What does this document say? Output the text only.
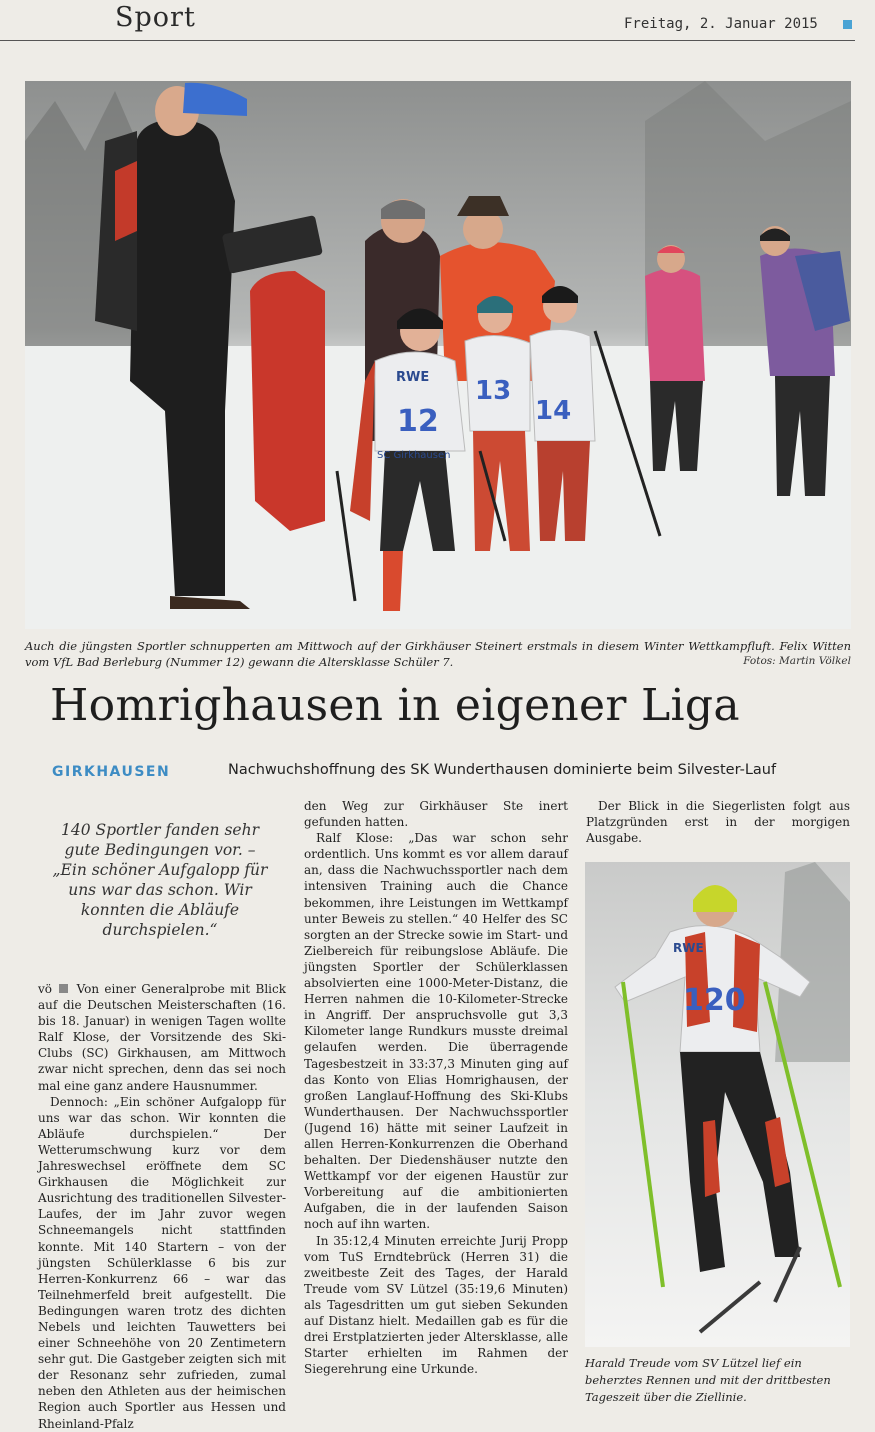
Sport	Freitag, 2. Januar 2015
12
RWE
SC Girkhausen
13
14
Auch die jüngsten Sportler schnupperten am Mittwoch auf der Girkhäuser Steinert erstmals in diesem Winter Wettkampfluft. Felix Witten vom VfL Bad Berleburg (Nummer 12) gewann die Altersklasse Schüler 7.	Fotos: Martin Völkel
Homrighausen in eigener Liga
GIRKHAUSEN	Nachwuchshoffnung des SK Wunderthausen dominierte beim Silvester-Lauf
140 Sportler fanden sehr gute Bedingungen vor. – „Ein schöner Aufgalopp für uns war das schon. Wir konnten die Abläufe durchspielen.“

vö Von einer Generalprobe mit Blick auf die Deutschen Meisterschaften (16. bis 18. Januar) in wenigen Tagen wollte Ralf Klose, der Vorsitzende des Ski-Clubs (SC) Girkhausen, am Mittwoch zwar nicht sprechen, denn das sei noch mal eine ganz andere Hausnummer.

Dennoch: „Ein schöner Aufgalopp für uns war das schon. Wir konnten die Abläufe durchspielen.“ Der Wetterumschwung kurz vor dem Jahreswechsel eröffnete dem SC Girkhausen die Möglichkeit zur Ausrichtung des traditionellen Silvester-Laufes, der im Jahr zuvor wegen Schneemangels nicht stattfinden konnte. Mit 140 Startern – von der jüngsten Schülerklasse 6 bis zur Herren-Konkurrenz 66 – war das Teilnehmerfeld breit aufgestellt. Die Bedingungen waren trotz des dichten Nebels und leichten Tauwetters bei einer Schneehöhe von 20 Zentimetern sehr gut. Die Gastgeber zeigten sich mit der Resonanz sehr zufrieden, zumal neben den Athleten aus der heimischen Region auch Sportler aus Hessen und Rheinland-Pfalz

den Weg zur Girkhäuser Ste inert gefunden hatten.

Ralf Klose: „Das war schon sehr ordentlich. Uns kommt es vor allem darauf an, dass die Nachwuchssportler nach dem intensiven Training auch die Chance bekommen, ihre Leistungen im Wettkampf unter Beweis zu stellen.“ 40 Helfer des SC sorgten an der Strecke sowie im Start- und Zielbereich für reibungslose Abläufe. Die jüngsten Sportler der Schülerklassen absolvierten eine 1000-Meter-Distanz, die Herren nahmen die 10-Kilometer-Strecke in Angriff. Der anspruchsvolle gut 3,3 Kilometer lange Rundkurs musste dreimal gelaufen werden. Die überragende Tagesbestzeit in 33:37,3 Minuten ging auf das Konto von Elias Homrighausen, der großen Langlauf-Hoffnung des Ski-Klubs Wunderthausen. Der Nachwuchssportler (Jugend 16) hätte mit seiner Laufzeit in allen Herren-Konkurrenzen die Oberhand behalten. Der Diedenshäuser nutzte den Wettkampf vor der eigenen Haustür zur Vorbereitung auf die ambitionierten Aufgaben, die in der laufenden Saison noch auf ihn warten.

In 35:12,4 Minuten erreichte Jurij Propp vom TuS Erndtebrück (Herren 31) die zweitbeste Zeit des Tages, der Harald Treude vom SV Lützel (35:19,6 Minuten) als Tagesdritten um gut sieben Sekunden auf Distanz hielt. Medaillen gab es für die drei Erstplatzierten jeder Altersklasse, alle Starter erhielten im Rahmen der Siegerehrung eine Urkunde.

Der Blick in die Siegerlisten folgt aus Platzgründen erst in der morgigen Ausgabe.

RWE
120
Harald Treude vom SV Lützel lief ein beherztes Rennen und mit der drittbesten Tageszeit über die Ziellinie.
